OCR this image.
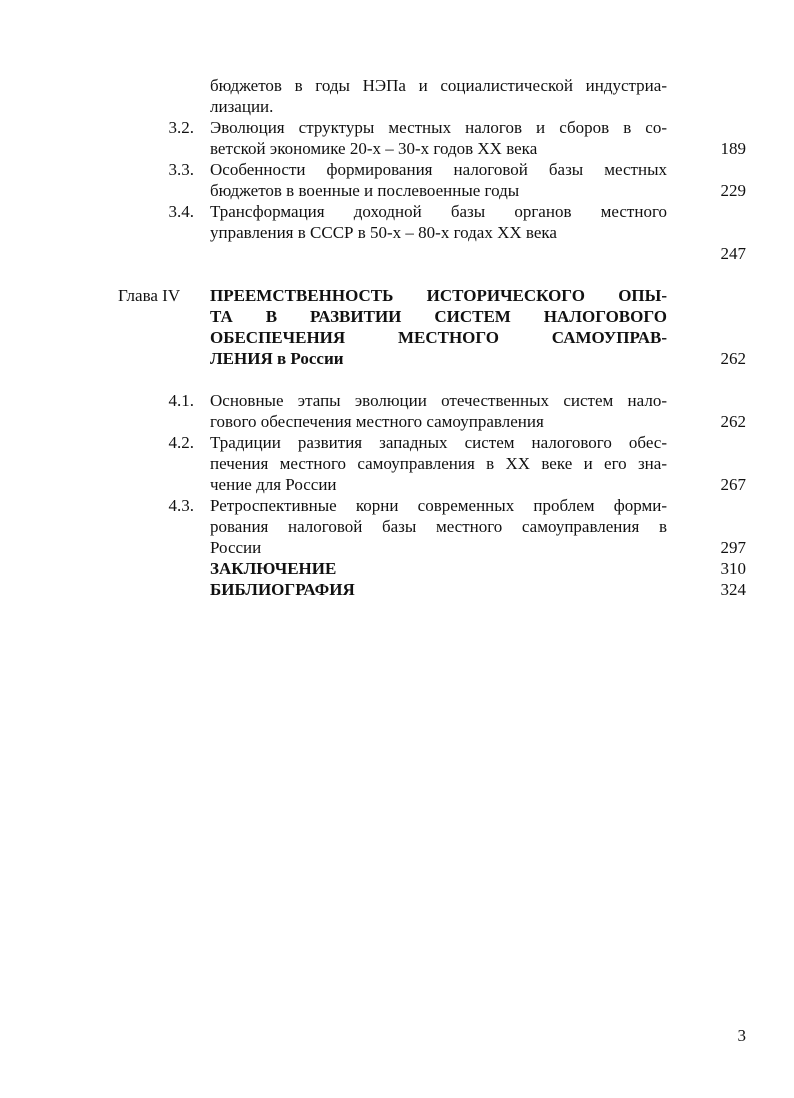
бюджетов в годы НЭПа и социалистической индустриа-
лизации.
3.2. Эволюция структуры местных налогов и сборов в со-
ветской экономике 20-х – 30-х годов XX века	189
3.3. Особенности формирования налоговой базы местных
бюджетов в военные и послевоенные годы	229
3.4. Трансформация доходной базы органов местного
управления в СССР в 50-х – 80-х годах XX века
247
Глава IV	ПРЕЕМСТВЕННОСТЬ ИСТОРИЧЕСКОГО ОПЫ-
ТА В РАЗВИТИИ СИСТЕМ НАЛОГОВОГО
ОБЕСПЕЧЕНИЯ МЕСТНОГО САМОУПРАВ-
ЛЕНИЯ в России	262
4.1. Основные этапы эволюции отечественных систем нало-
гового обеспечения местного самоуправления	262
4.2. Традиции развития западных систем налогового обес-
печения местного самоуправления в XX веке и его зна-
чение для России	267
4.3. Ретроспективные корни современных проблем форми-
рования налоговой базы местного самоуправления в
России	297
ЗАКЛЮЧЕНИЕ	310
БИБЛИОГРАФИЯ	324
3
